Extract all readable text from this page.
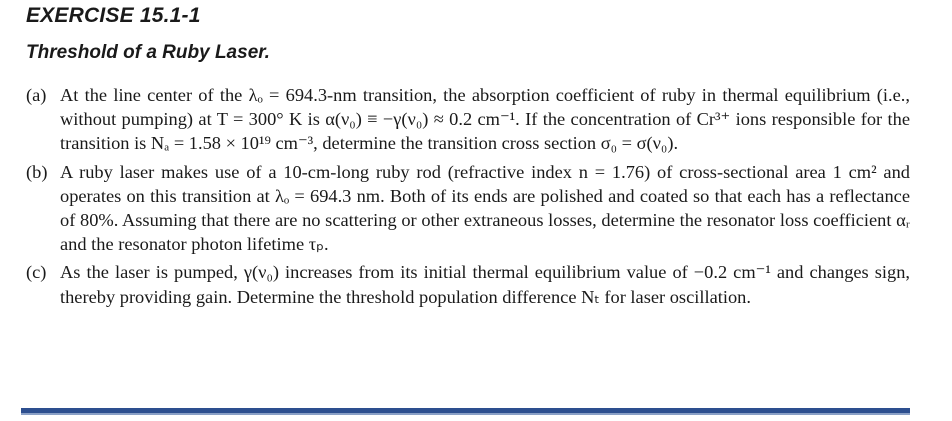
EXERCISE 15.1-1
Threshold of a Ruby Laser.
(a) At the line center of the λₒ = 694.3-nm transition, the absorption coefficient of ruby in thermal equilibrium (i.e., without pumping) at T = 300° K is α(ν₀) ≡ −γ(ν₀) ≈ 0.2 cm⁻¹. If the concentration of Cr³⁺ ions responsible for the transition is Nₐ = 1.58 × 10¹⁹ cm⁻³, determine the transition cross section σ₀ = σ(ν₀).
(b) A ruby laser makes use of a 10-cm-long ruby rod (refractive index n = 1.76) of cross-sectional area 1 cm² and operates on this transition at λₒ = 694.3 nm. Both of its ends are polished and coated so that each has a reflectance of 80%. Assuming that there are no scattering or other extraneous losses, determine the resonator loss coefficient αᵣ and the resonator photon lifetime τₚ.
(c) As the laser is pumped, γ(ν₀) increases from its initial thermal equilibrium value of −0.2 cm⁻¹ and changes sign, thereby providing gain. Determine the threshold population difference Nₜ for laser oscillation.
